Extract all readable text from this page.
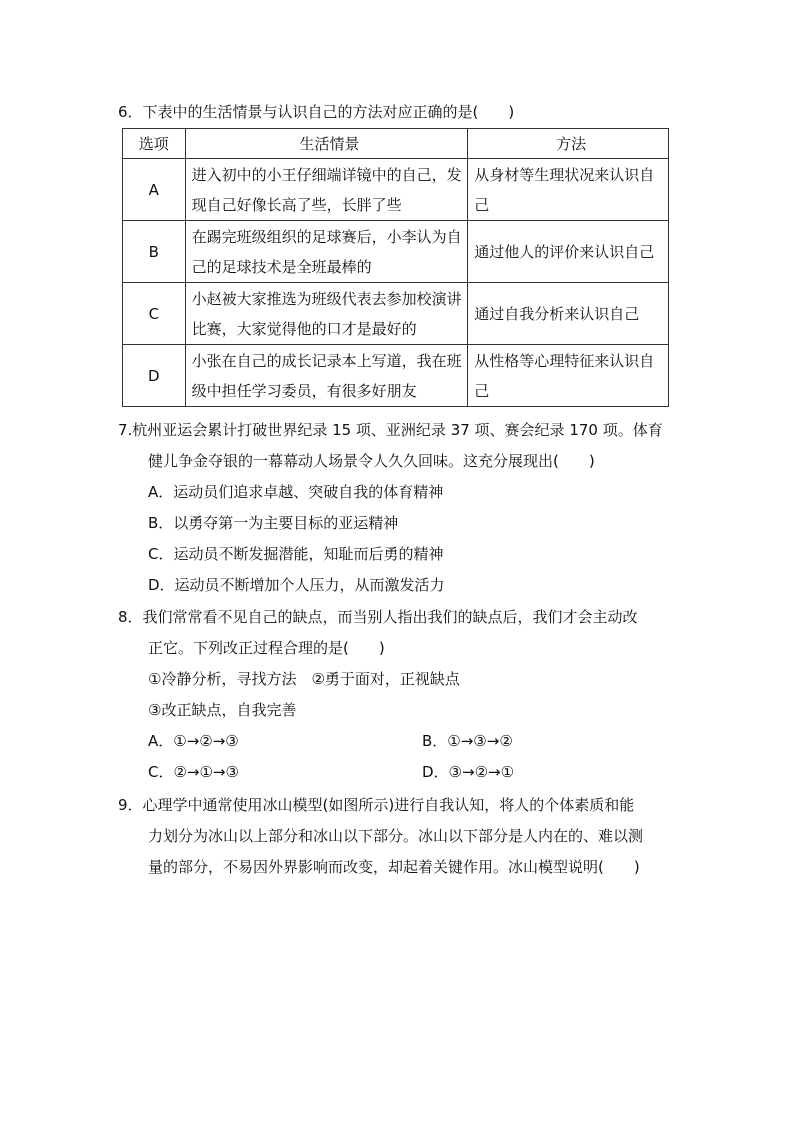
6．下表中的生活情景与认识自己的方法对应正确的是(　　)
选项	生活情景	方法
A	进入初中的小王仔细端详镜中的自己，发现自己好像长高了些，长胖了些	从身材等生理状况来认识自己

B	在踢完班级组织的足球赛后，小李认为自己的足球技术是全班最棒的	通过他人的评价来认识自己

C	小赵被大家推选为班级代表去参加校演讲比赛，大家觉得他的口才是最好的	通过自我分析来认识自己

D	小张在自己的成长记录本上写道，我在班级中担任学习委员，有很多好朋友	从性格等心理特征来认识自己
7.杭州亚运会累计打破世界纪录 15 项、亚洲纪录 37 项、赛会纪录 170 项。体育
健儿争金夺银的一幕幕动人场景令人久久回味。这充分展现出(　　)
A．运动员们追求卓越、突破自我的体育精神
B．以勇夺第一为主要目标的亚运精神
C．运动员不断发掘潜能，知耻而后勇的精神
D．运动员不断增加个人压力，从而激发活力
8．我们常常看不见自己的缺点，而当别人指出我们的缺点后，我们才会主动改
正它。下列改正过程合理的是(　　)
①冷静分析，寻找方法　②勇于面对，正视缺点
③改正缺点，自我完善
A．①→②→③	B．①→③→②
C．②→①→③	D．③→②→①
9．心理学中通常使用冰山模型(如图所示)进行自我认知，将人的个体素质和能
力划分为冰山以上部分和冰山以下部分。冰山以下部分是人内在的、难以测
量的部分，不易因外界影响而改变，却起着关键作用。冰山模型说明(　　)
